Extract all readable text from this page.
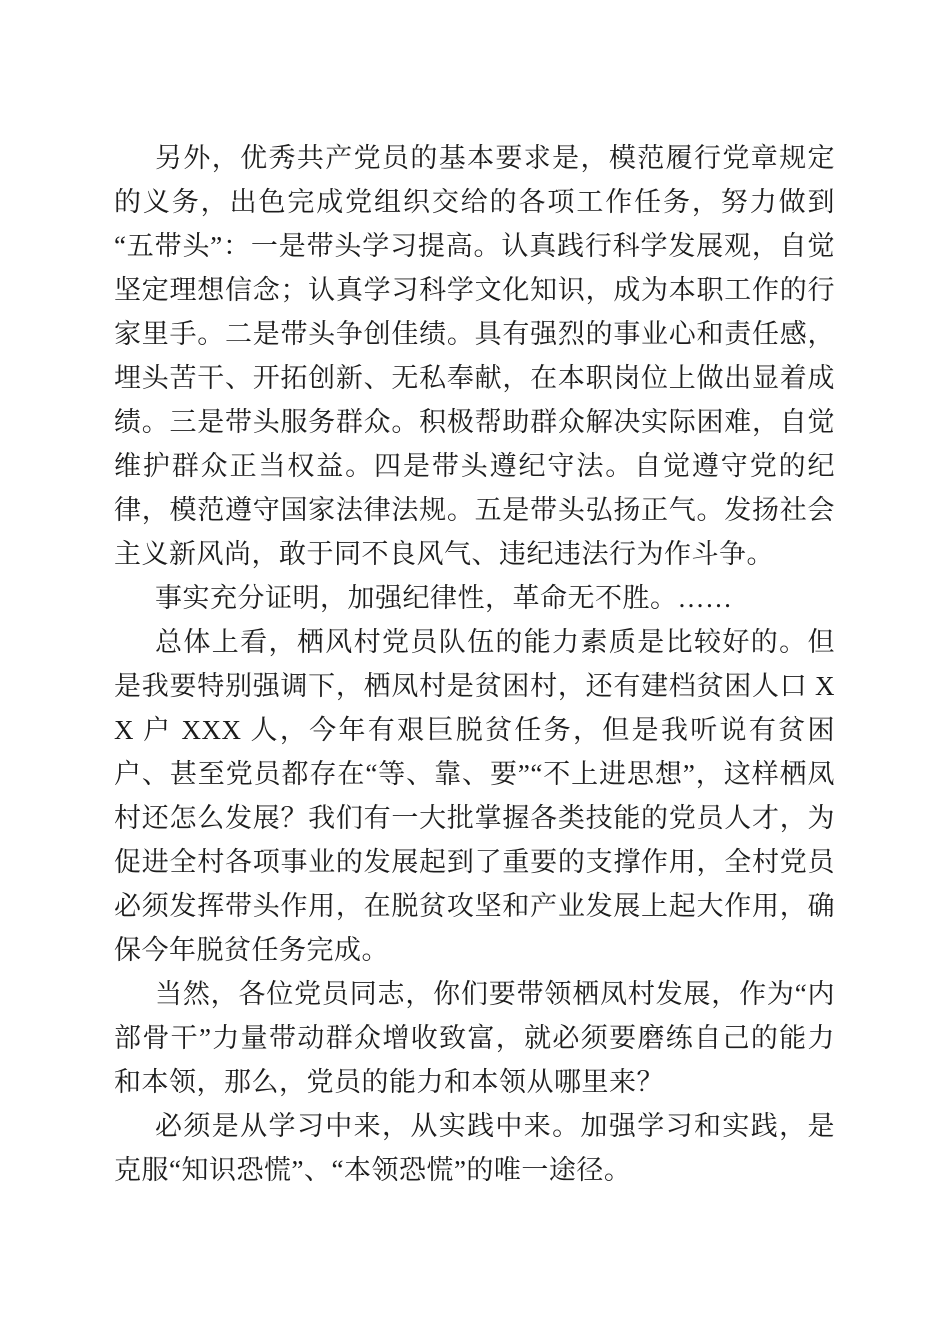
另外，优秀共产党员的基本要求是，模范履行党章规定的义务，出色完成党组织交给的各项工作任务，努力做到“五带头”：一是带头学习提高。认真践行科学发展观，自觉坚定理想信念；认真学习科学文化知识，成为本职工作的行家里手。二是带头争创佳绩。具有强烈的事业心和责任感，埋头苦干、开拓创新、无私奉献，在本职岗位上做出显着成绩。三是带头服务群众。积极帮助群众解决实际困难，自觉维护群众正当权益。四是带头遵纪守法。自觉遵守党的纪律，模范遵守国家法律法规。五是带头弘扬正气。发扬社会主义新风尚，敢于同不良风气、违纪违法行为作斗争。

事实充分证明，加强纪律性，革命无不胜。……

总体上看，栖风村党员队伍的能力素质是比较好的。但是我要特别强调下，栖凤村是贫困村，还有建档贫困人口 XX 户 XXX 人，今年有艰巨脱贫任务，但是我听说有贫困户、甚至党员都存在“等、靠、要”“不上进思想”，这样栖凤村还怎么发展？我们有一大批掌握各类技能的党员人才，为促进全村各项事业的发展起到了重要的支撑作用，全村党员必须发挥带头作用，在脱贫攻坚和产业发展上起大作用，确保今年脱贫任务完成。

当然，各位党员同志，你们要带领栖凤村发展，作为“内部骨干”力量带动群众增收致富，就必须要磨练自己的能力和本领，那么，党员的能力和本领从哪里来？

必须是从学习中来，从实践中来。加强学习和实践，是克服“知识恐慌”、“本领恐慌”的唯一途径。
